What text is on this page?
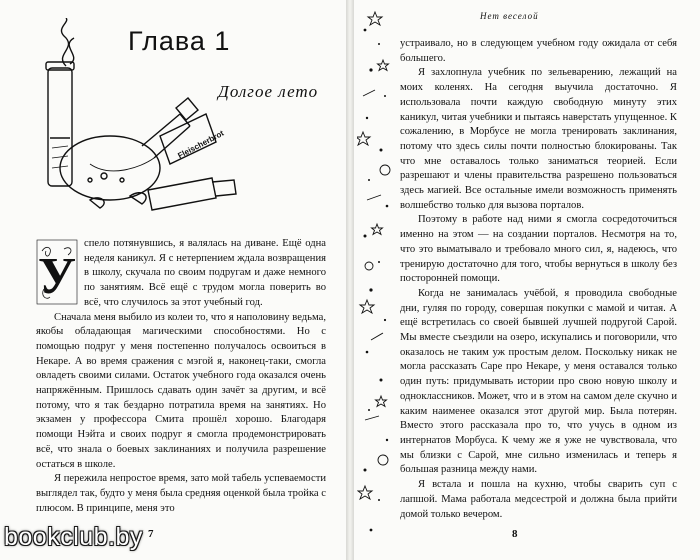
Fleischerbrot
Глава 1
Долгое лето

У
спело потянувшись, я валялась на диване. Ещё одна неделя каникул. Я с нетерпением ждала возвращения в школу, скучала по своим подругам и даже немного по занятиям. Всё ещё с трудом могла поверить во всё, что случилось за этот учебный год.

Сначала меня выбило из колеи то, что я наполовину ведьма, якобы обладающая магическими способностями. Но с помощью подруг у меня постепенно получалось освоиться в Некаре. А во время сражения с мэгой я, наконец-таки, смогла овладеть своими силами. Остаток учебного года оказался очень напряжённым. Пришлось сдавать один зачёт за другим, и всё потому, что я так бездарно потратила время на занятиях. Но экзамен у профессора Смита прошёл хорошо. Благодаря помощи Нэйта и своих подруг я смогла продемонстрировать всё, что знала о боевых заклинаниях и получила разрешение остаться в школе.

Я пережила непростое время, зато мой табель успеваемости выглядел так, будто у меня была средняя оценкой была тройка с плюсом. В принципе, меня это

7
Нет веселой

устраивало, но в следующем учебном году ожидала от себя большего.

Я захлопнула учебник по зельеварению, лежащий на моих коленях. На сегодня выучила достаточно. Я использовала почти каждую свободную минуту этих каникул, читая учебники и пытаясь наверстать упущенное. К сожалению, в Морбусе не могла тренировать заклинания, потому что здесь силы почти полностью блокированы. Так что мне оставалось только заниматься теорией. Если разрешают и члены правительства разрешено пользоваться здесь магией. Все остальные имели возможность применять волшебство только для вызова порталов.

Поэтому в работе над ними я смогла сосредоточиться именно на этом — на создании порталов. Несмотря на то, что это выматывало и требовало много сил, я, надеюсь, что тренирую достаточно для того, чтобы вернуться в школу без посторонней помощи.

Когда не занималась учёбой, я проводила свободные дни, гуляя по городу, совершая покупки с мамой и читая. А ещё встретилась со своей бывшей лучшей подругой Сарой. Мы вместе съездили на озеро, искупались и поговорили, что оказалось не таким уж простым делом. Поскольку никак не могла рассказать Саре про Некаре, у меня оставался только один путь: придумывать истории про свою новую школу и одноклассников. Может, что и в этом на самом деле скучно и каким наименее оказался этот другой мир. Была потерян. Вместо этого рассказала про то, что учусь в одном из интернатов Морбуса. К чему же я уже не чувствовала, что мы близки с Сарой, мне сильно изменилась и теперь я большая разница между нами.

Я встала и пошла на кухню, чтобы сварить суп с лапшой. Мама работала медсестрой и должна была прийти домой только вечером.

8
bookclub.by
